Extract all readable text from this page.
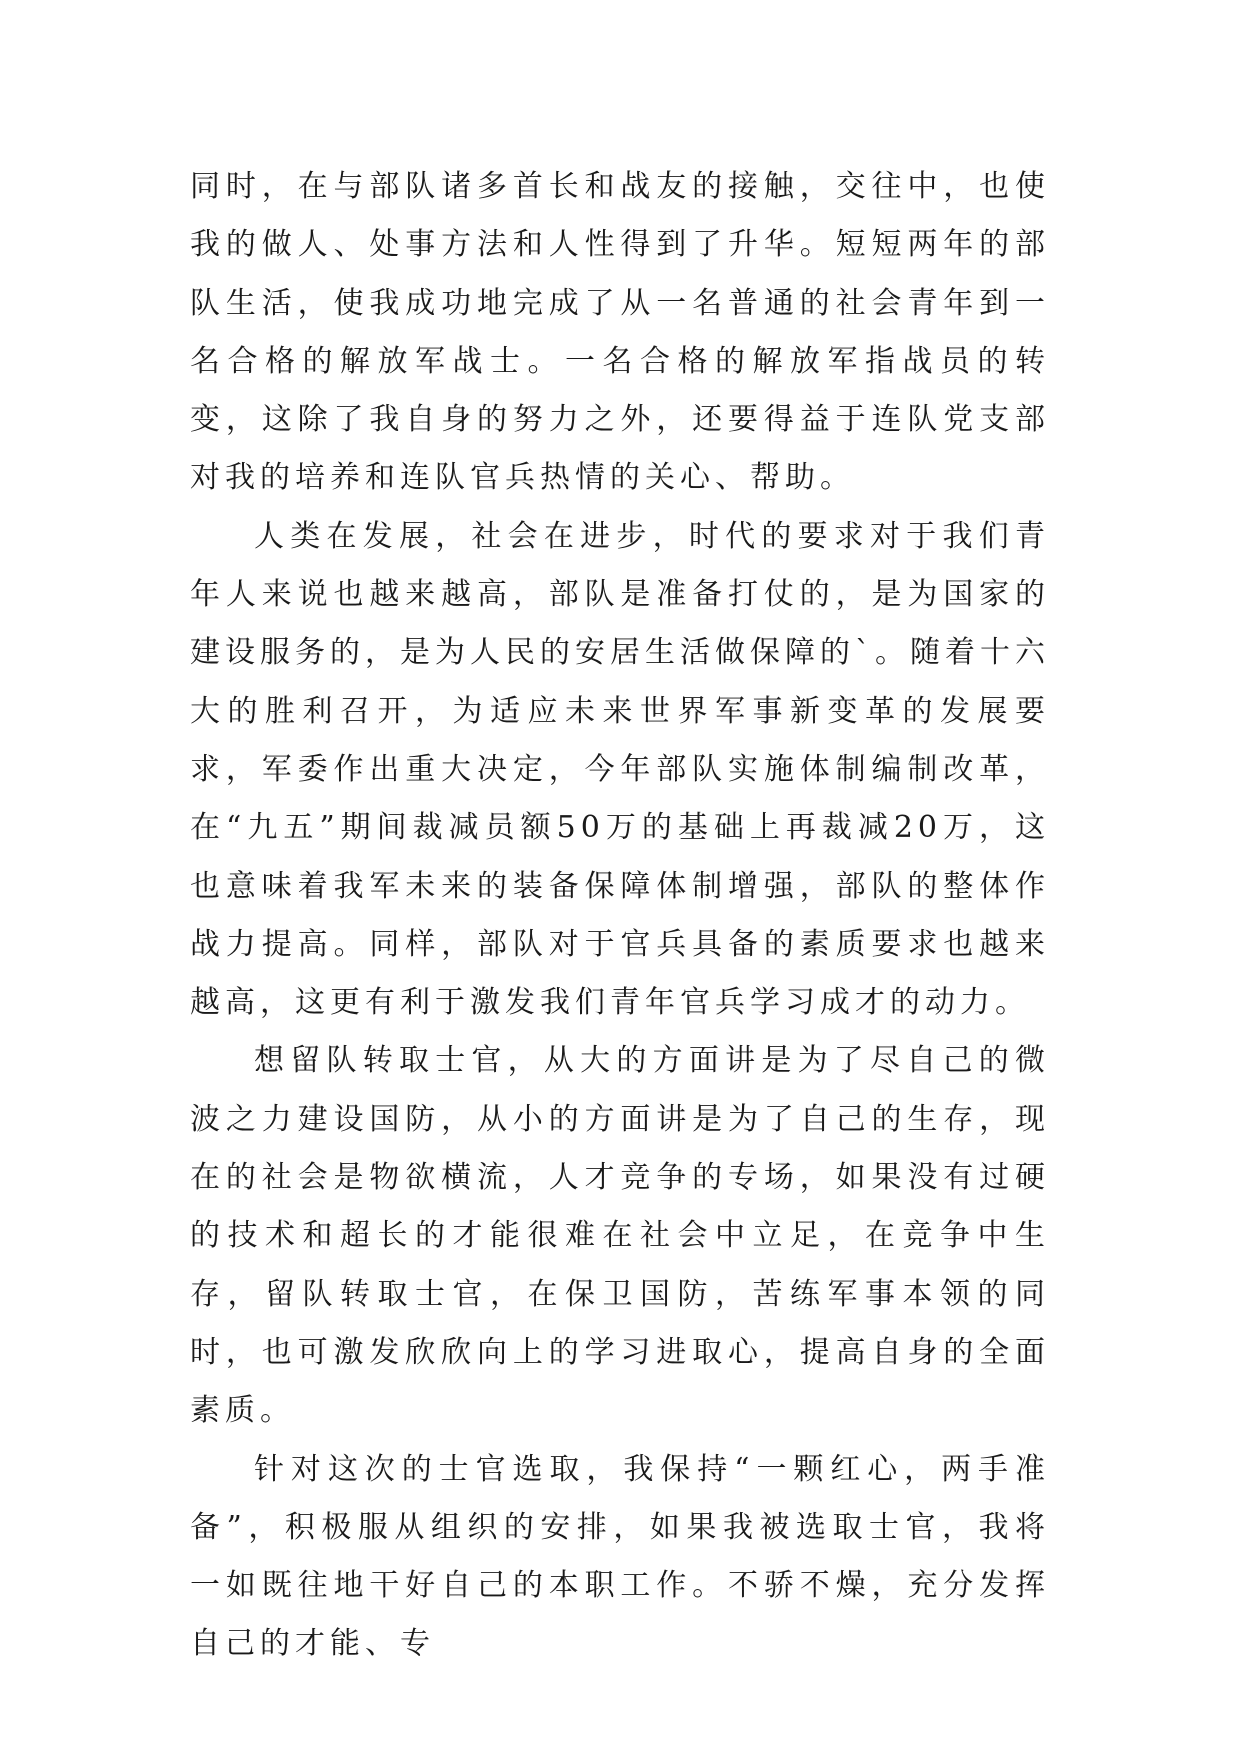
同时，在与部队诸多首长和战友的接触，交往中，也使我的做人、处事方法和人性得到了升华。短短两年的部队生活，使我成功地完成了从一名普通的社会青年到一名合格的解放军战士。一名合格的解放军指战员的转变，这除了我自身的努力之外，还要得益于连队党支部对我的培养和连队官兵热情的关心、帮助。

人类在发展，社会在进步，时代的要求对于我们青年人来说也越来越高，部队是准备打仗的，是为国家的建设服务的，是为人民的安居生活做保障的`。随着十六大的胜利召开，为适应未来世界军事新变革的发展要求，军委作出重大决定，今年部队实施体制编制改革，在“九五”期间裁减员额50万的基础上再裁减20万，这也意味着我军未来的装备保障体制增强，部队的整体作战力提高。同样，部队对于官兵具备的素质要求也越来越高，这更有利于激发我们青年官兵学习成才的动力。

想留队转取士官，从大的方面讲是为了尽自己的微波之力建设国防，从小的方面讲是为了自己的生存，现在的社会是物欲横流，人才竞争的专场，如果没有过硬的技术和超长的才能很难在社会中立足，在竞争中生存，留队转取士官，在保卫国防，苦练军事本领的同时，也可激发欣欣向上的学习进取心，提高自身的全面素质。

针对这次的士官选取，我保持“一颗红心，两手准备”，积极服从组织的安排，如果我被选取士官，我将一如既往地干好自己的本职工作。不骄不燥，充分发挥自己的才能、专
